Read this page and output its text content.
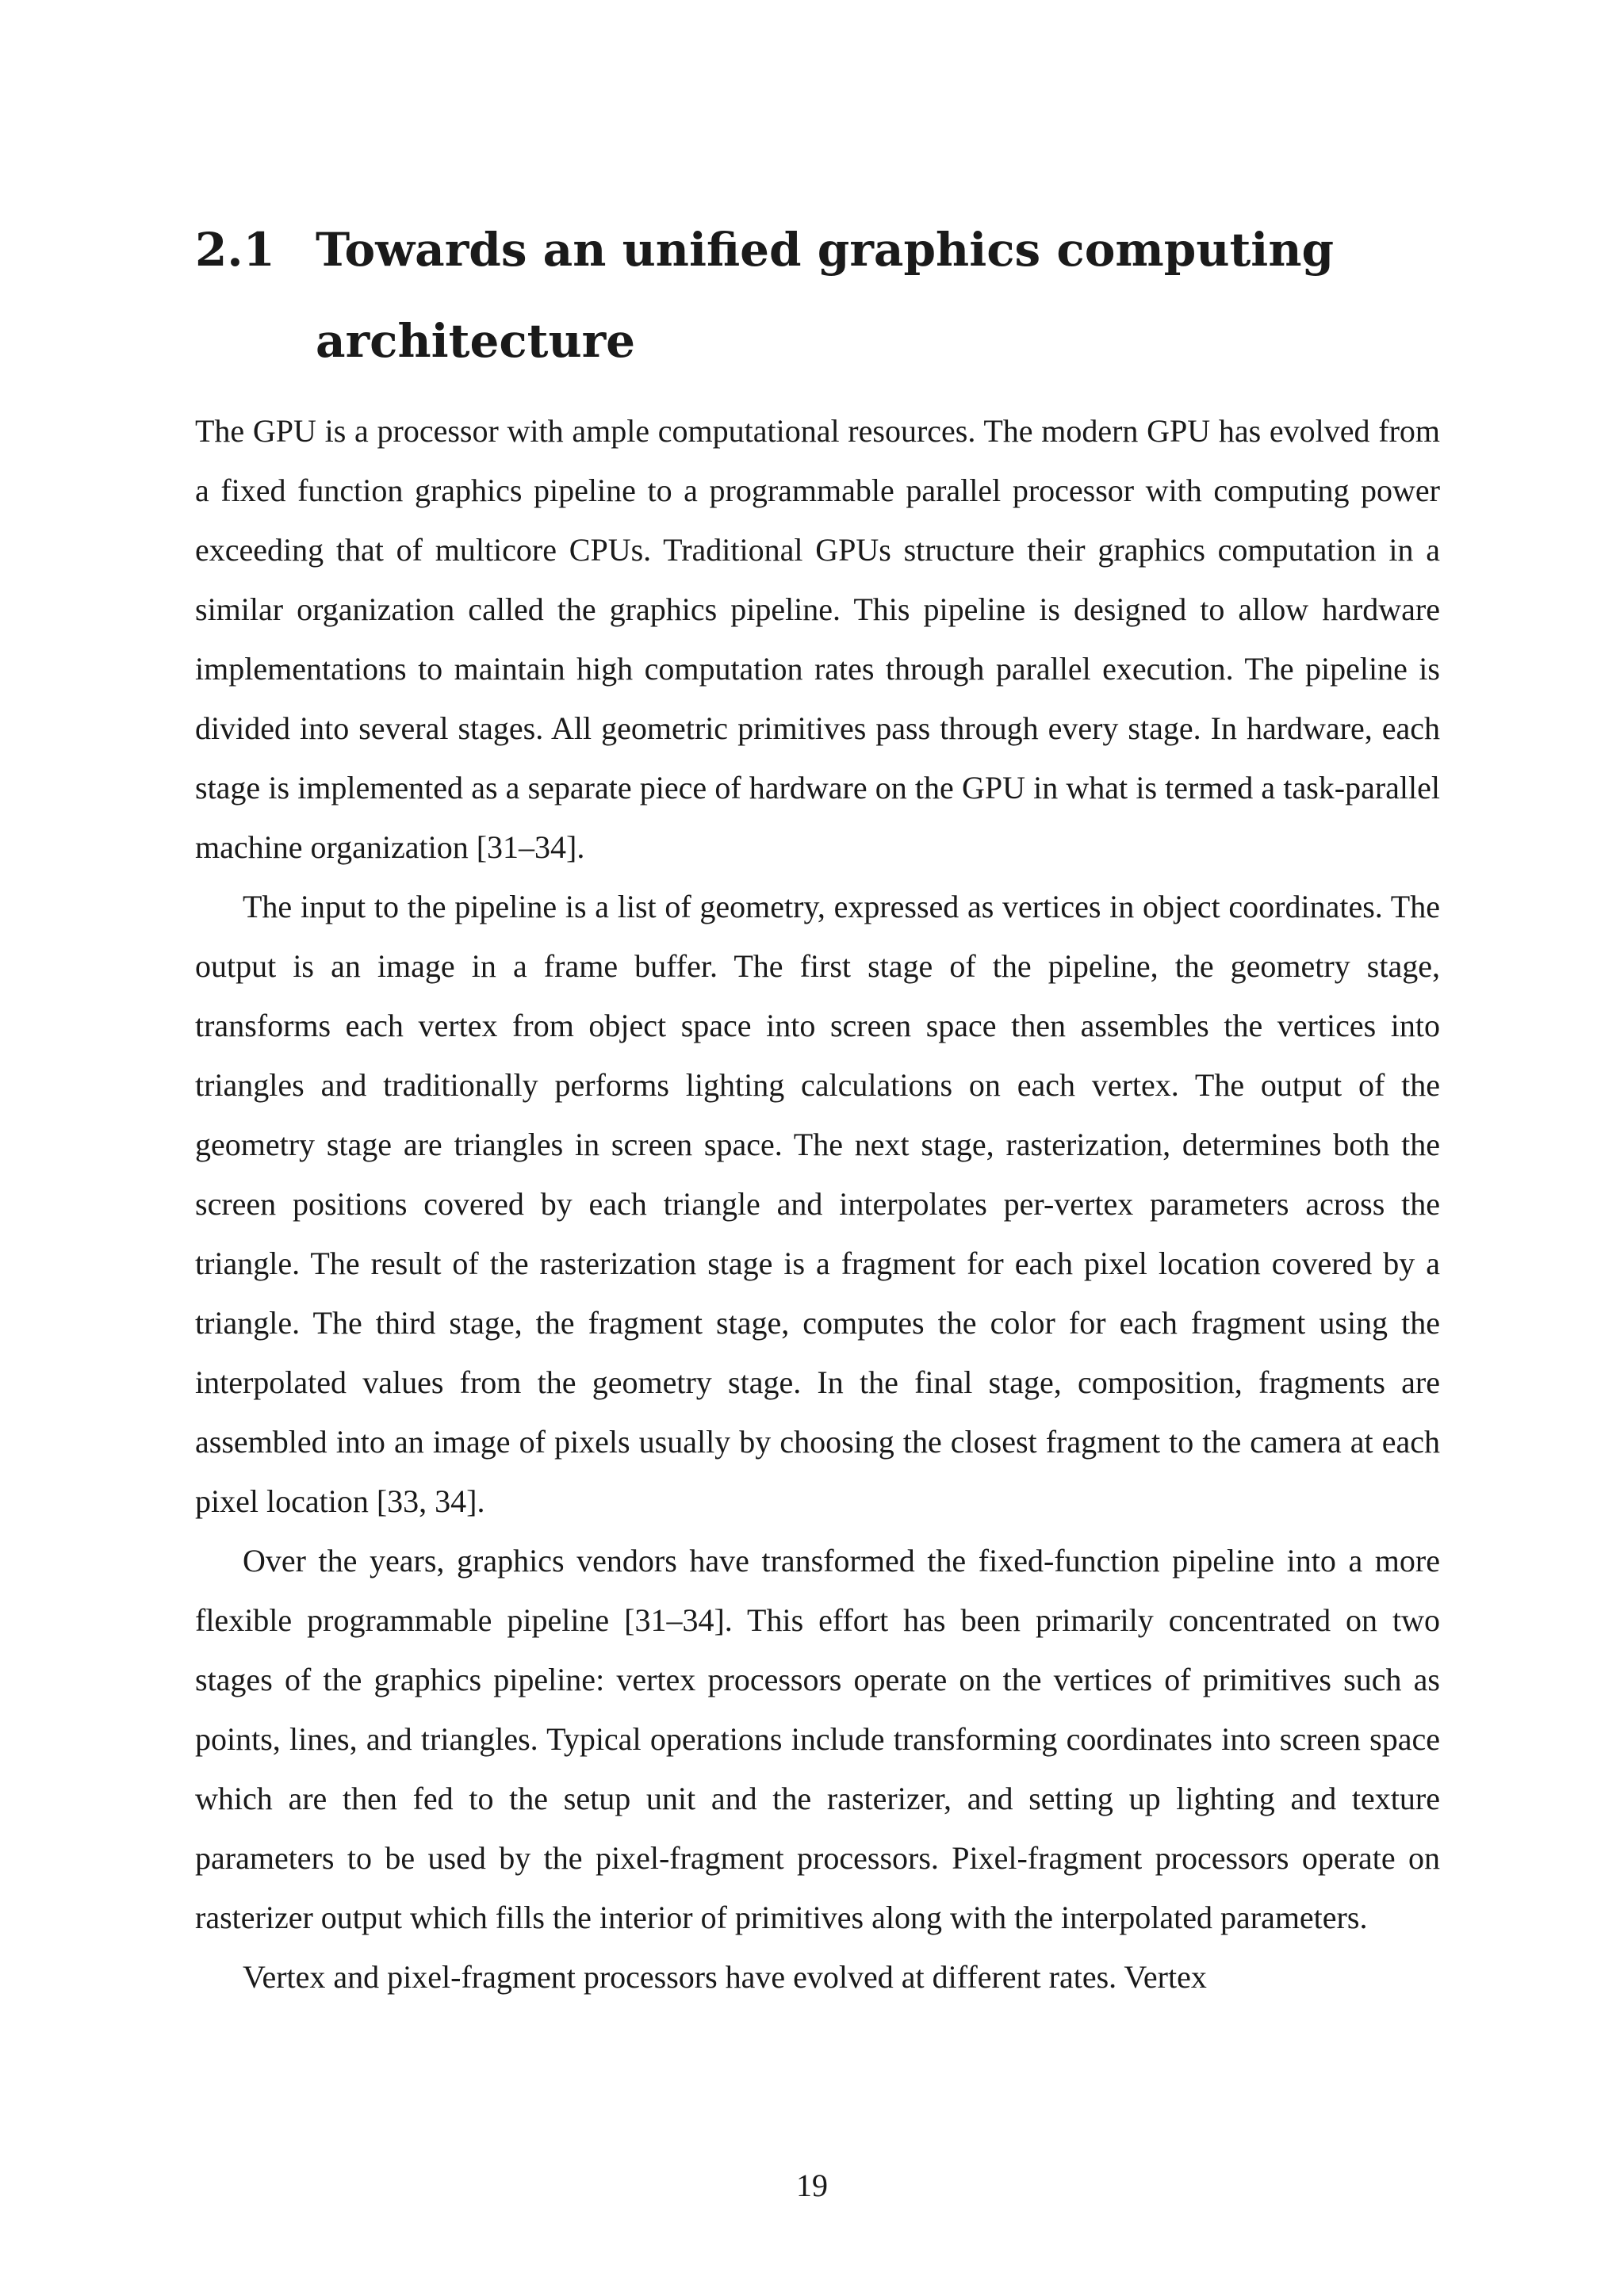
2.1 Towards an unified graphics computing architecture

The GPU is a processor with ample computational resources. The modern GPU has evolved from a fixed function graphics pipeline to a programmable parallel processor with computing power exceeding that of multicore CPUs. Traditional GPUs structure their graphics computation in a similar organization called the graphics pipeline. This pipeline is designed to allow hardware implementations to maintain high computation rates through parallel execution. The pipeline is divided into several stages. All geometric primitives pass through every stage. In hardware, each stage is implemented as a separate piece of hardware on the GPU in what is termed a task-parallel machine organization [31–34].

The input to the pipeline is a list of geometry, expressed as vertices in object coordinates. The output is an image in a frame buffer. The first stage of the pipeline, the geometry stage, transforms each vertex from object space into screen space then assembles the vertices into triangles and traditionally performs lighting calculations on each vertex. The output of the geometry stage are triangles in screen space. The next stage, rasterization, determines both the screen positions covered by each triangle and interpolates per-vertex parameters across the triangle. The result of the rasterization stage is a fragment for each pixel location covered by a triangle. The third stage, the fragment stage, computes the color for each fragment using the interpolated values from the geometry stage. In the final stage, composition, fragments are assembled into an image of pixels usually by choosing the closest fragment to the camera at each pixel location [33, 34].

Over the years, graphics vendors have transformed the fixed-function pipeline into a more flexible programmable pipeline [31–34]. This effort has been primarily concentrated on two stages of the graphics pipeline: vertex processors operate on the vertices of primitives such as points, lines, and triangles. Typical operations include transforming coordinates into screen space which are then fed to the setup unit and the rasterizer, and setting up lighting and texture parameters to be used by the pixel-fragment processors. Pixel-fragment processors operate on rasterizer output which fills the interior of primitives along with the interpolated parameters.

Vertex and pixel-fragment processors have evolved at different rates. Vertex

19
